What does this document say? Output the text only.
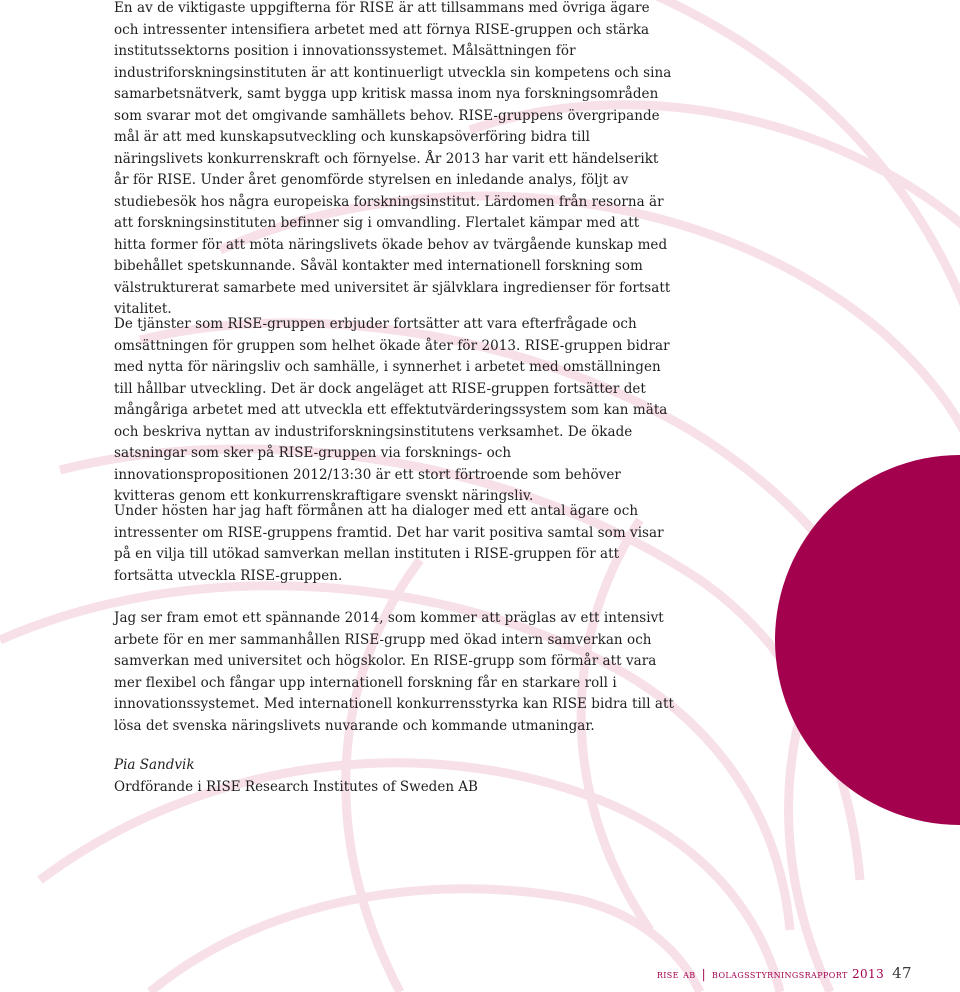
En av de viktigaste uppgifterna för RISE är att tillsammans med övriga ägare och intressenter intensifiera arbetet med att förnya RISE-gruppen och stärka institutssektorns position i innovationssystemet. Målsättningen för industriforskningsinstituten är att kontinuerligt utveckla sin kompetens och sina samarbetsnätverk, samt bygga upp kritisk massa inom nya forskningsområden som svarar mot det omgivande samhällets behov. RISE-gruppens övergripande mål är att med kunskapsutveckling och kunskapsöverföring bidra till näringslivets konkurrenskraft och förnyelse. År 2013 har varit ett händelserikt år för RISE. Under året genomförde styrelsen en inledande analys, följt av studiebesök hos några europeiska forskningsinstitut. Lärdomen från resorna är att forskningsinstituten befinner sig i omvandling. Flertalet kämpar med att hitta former för att möta näringslivets ökade behov av tvärgående kunskap med bibehållet spetskunnande. Såväl kontakter med internationell forskning som välstrukturerat samarbete med universitet är självklara ingredienser för fortsatt vitalitet.

De tjänster som RISE-gruppen erbjuder fortsätter att vara efterfrågade och omsättningen för gruppen som helhet ökade åter för 2013. RISE-gruppen bidrar med nytta för näringsliv och samhälle, i synnerhet i arbetet med omställningen till hållbar utveckling. Det är dock angeläget att RISE-gruppen fortsätter det mångåriga arbetet med att utveckla ett effektutvärderingssystem som kan mäta och beskriva nyttan av industriforskningsinstitutens verksamhet. De ökade satsningar som sker på RISE-gruppen via forsknings- och innovationspropositionen 2012/13:30 är ett stort förtroende som behöver kvitteras genom ett konkurrenskraftigare svenskt näringsliv.

Under hösten har jag haft förmånen att ha dialoger med ett antal ägare och intressenter om RISE-gruppens framtid. Det har varit positiva samtal som visar på en vilja till utökad samverkan mellan instituten i RISE-gruppen för att fortsätta utveckla RISE-gruppen.

Jag ser fram emot ett spännande 2014, som kommer att präglas av ett intensivt arbete för en mer sammanhållen RISE-grupp med ökad intern samverkan och samverkan med universitet och högskolor. En RISE-grupp som förmår att vara mer flexibel och fångar upp internationell forskning får en starkare roll i innovationssystemet. Med internationell konkurrensstyrka kan RISE bidra till att lösa det svenska näringslivets nuvarande och kommande utmaningar.

Pia Sandvik
Ordförande i RISE Research Institutes of Sweden AB
rise ab | bolagsstyrningsrapport 2013 47
